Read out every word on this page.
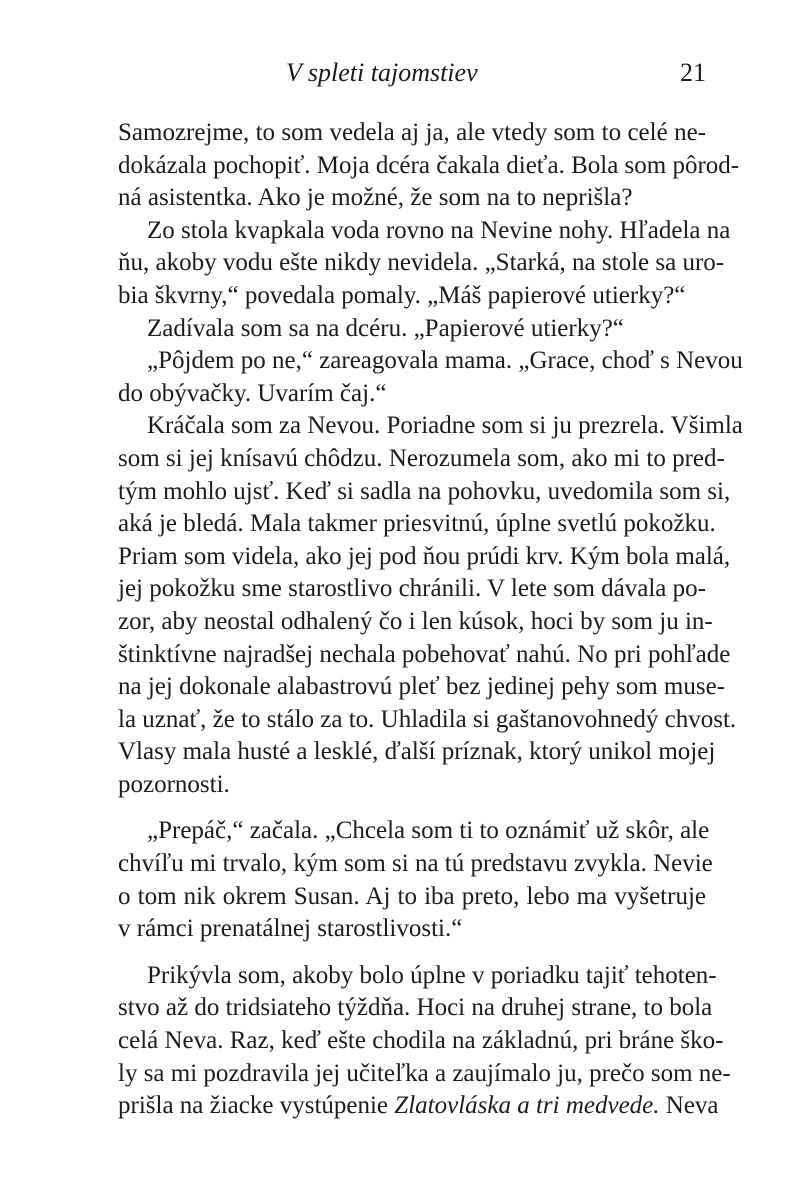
V spleti tajomstiev	21
Samozrejme, to som vedela aj ja, ale vtedy som to celé ne-
dokázala pochopiť. Moja dcéra čakala dieťa. Bola som pôrod-
ná asistentka. Ako je možné, že som na to neprišla?
Zo stola kvapkala voda rovno na Nevine nohy. Hľadela na
ňu, akoby vodu ešte nikdy nevidela. „Starká, na stole sa uro-
bia škvrny,“ povedala pomaly. „Máš papierové utierky?“
Zadívala som sa na dcéru. „Papierové utierky?“
„Pôjdem po ne,“ zareagovala mama. „Grace, choď s Nevou
do obývačky. Uvarím čaj.“
Kráčala som za Nevou. Poriadne som si ju prezrela. Všimla
som si jej knísavú chôdzu. Nerozumela som, ako mi to pred-
tým mohlo ujsť. Keď si sadla na pohovku, uvedomila som si,
aká je bledá. Mala takmer priesvitnú, úplne svetlú pokožku.
Priam som videla, ako jej pod ňou prúdi krv. Kým bola malá,
jej pokožku sme starostlivo chránili. V lete som dávala po-
zor, aby neostal odhalený čo i len kúsok, hoci by som ju in-
štinktívne najradšej nechala pobehovať nahú. No pri pohľade
na jej dokonale alabastrovú pleť bez jedinej pehy som muse-
la uznať, že to stálo za to. Uhladila si gaštanovohnedý chvost.
Vlasy mala husté a lesklé, ďalší príznak, ktorý unikol mojej
pozornosti.
„Prepáč,“ začala. „Chcela som ti to oznámiť už skôr, ale
chvíľu mi trvalo, kým som si na tú predstavu zvykla. Nevie
o tom nik okrem Susan. Aj to iba preto, lebo ma vyšetruje
v rámci prenatálnej starostlivosti.“
Prikývla som, akoby bolo úplne v poriadku tajiť tehoten-
stvo až do tridsiateho týždňa. Hoci na druhej strane, to bola
celá Neva. Raz, keď ešte chodila na základnú, pri bráne ško-
ly sa mi pozdravila jej učiteľka a zaujímalo ju, prečo som ne-
prišla na žiacke vystúpenie Zlatovláska a tri medvede. Neva
